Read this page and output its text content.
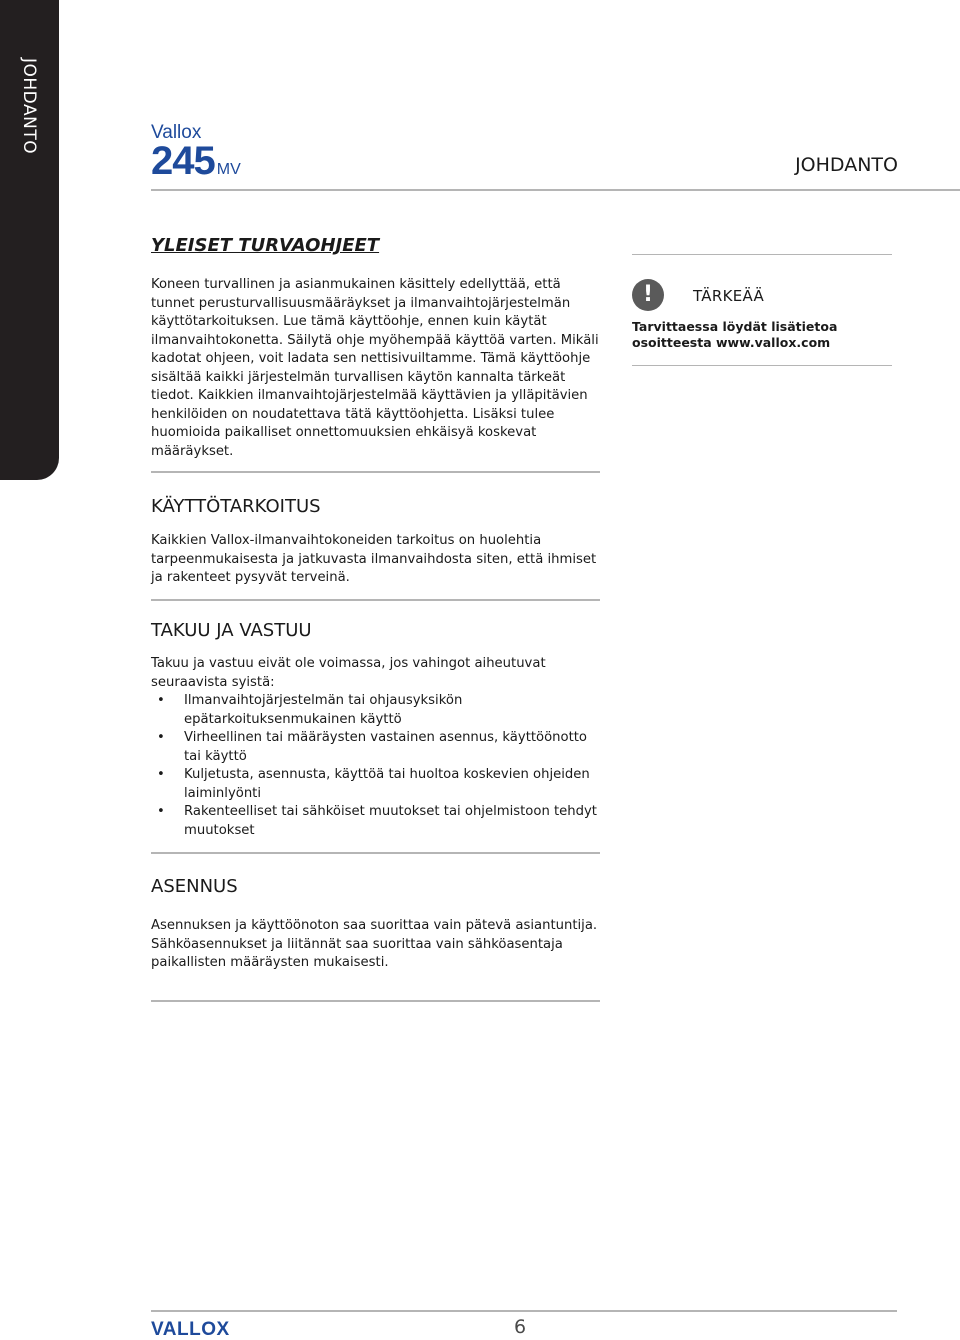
JOHDANTO	Vallox
245 MV	JOHDANTO
YLEISET TURVAOHJEET

Koneen turvallinen ja asianmukainen käsittely edellyttää, että tunnet perusturvallisuusmääräykset ja ilmanvaihtojärjestelmän käyttötarkoituksen. Lue tämä käyttöohje, ennen kuin käytät ilmanvaihtokonetta. Säilytä ohje myöhempää käyttöä varten. Mikäli kadotat ohjeen, voit ladata sen nettisivuiltamme. Tämä käyttöohje sisältää kaikki järjestelmän turvallisen käytön kannalta tärkeät tiedot. Kaikkien ilmanvaihtojärjestelmää käyttävien ja ylläpitävien henkilöiden on noudatettava tätä käyttöohjetta. Lisäksi tulee huomioida paikalliset onnettomuuksien ehkäisyä koskevat määräykset.

!	TÄRKEÄÄ

Tarvittaessa löydät lisätietoa osoitteesta www.vallox.com

KÄYTTÖTARKOITUS

Kaikkien Vallox-ilmanvaihtokoneiden tarkoitus on huolehtia tarpeenmukaisesta ja jatkuvasta ilmanvaihdosta siten, että ihmiset ja rakenteet pysyvät terveinä.

TAKUU JA VASTUU

Takuu ja vastuu eivät ole voimassa, jos vahingot aiheutuvat seuraavista syistä:

• Ilmanvaihtojärjestelmän tai ohjausyksikön epätarkoituksenmukainen käyttö
• Virheellinen tai määräysten vastainen asennus, käyttöönotto tai käyttö
• Kuljetusta, asennusta, käyttöä tai huoltoa koskevien ohjeiden laiminlyönti
• Rakenteelliset tai sähköiset muutokset tai ohjelmistoon tehdyt muutokset
ASENNUS

Asennuksen ja käyttöönoton saa suorittaa vain pätevä asiantuntija. Sähköasennukset ja liitännät saa suorittaa vain sähköasentaja paikallisten määräysten mukaisesti.

VALLOX	6
